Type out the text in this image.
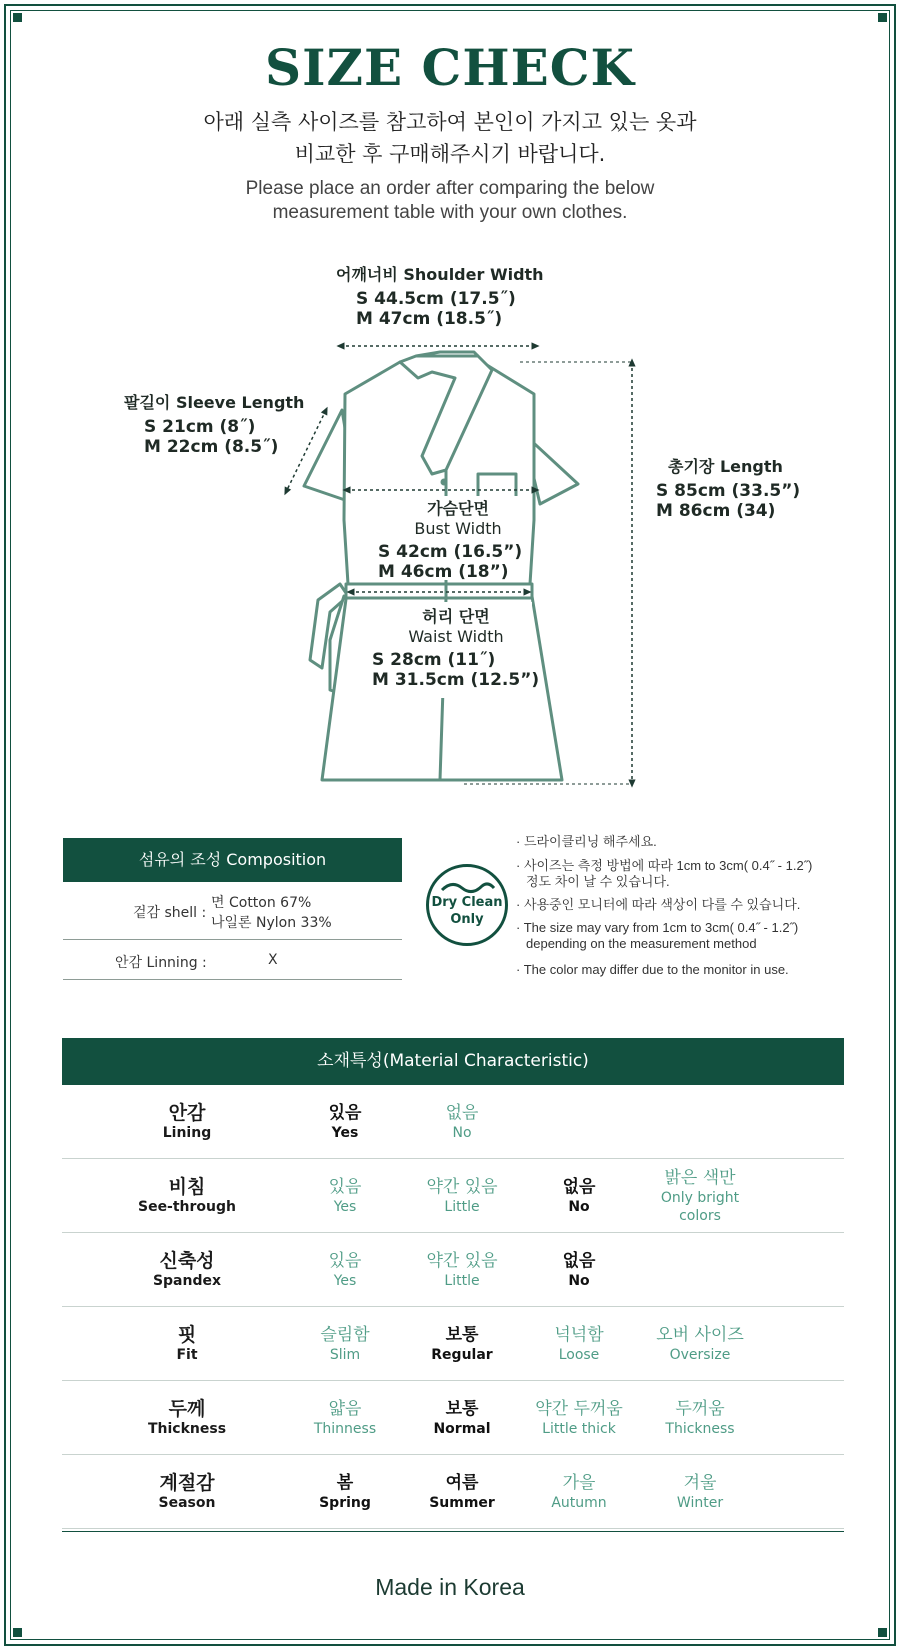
SIZE CHECK
아래 실측 사이즈를 참고하여 본인이 가지고 있는 옷과
비교한 후 구매해주시기 바랍니다.
Please place an order after comparing the below
measurement table with your own clothes.
어깨너비 Shoulder Width
S 44.5cm (17.5˝)
M 47cm (18.5˝)
팔길이 Sleeve Length
S 21cm (8˝)
M 22cm (8.5˝)
총기장 Length
S 85cm (33.5”)
M 86cm (34)
가슴단면
Bust Width
S 42cm (16.5”)
M 46cm (18”)
허리 단면
Waist Width
S 28cm (11˝)
M 31.5cm (12.5”)
섬유의 조성 Composition
겉감 shell :
면 Cotton 67%
나일론 Nylon 33%
안감 Linning :	X
Dry Clean
Only
· 드라이클리닝 해주세요.
· 사이즈는 측정 방법에 따라 1cm to 3cm( 0.4˝ - 1.2˝)
정도 차이 날 수 있습니다.
· 사용중인 모니터에 따라 색상이 다를 수 있습니다.
· The size may vary from 1cm to 3cm( 0.4˝ - 1.2˝)
depending on the measurement method
· The color may differ due to the monitor in use.
소재특성(Material Characteristic)
안감
Lining
있음
Yes
없음
No
비침
See-through
있음
Yes
약간 있음
Little
없음
No
밝은 색만
Only bright colors
신축성
Spandex
있음
Yes
약간 있음
Little
없음
No
핏
Fit
슬림함
Slim
보통
Regular
넉넉함
Loose
오버 사이즈
Oversize
두께
Thickness
얇음
Thinness
보통
Normal
약간 두꺼움
Little thick
두꺼움
Thickness
계절감
Season
봄
Spring
여름
Summer
가을
Autumn
겨울
Winter
Made in Korea
